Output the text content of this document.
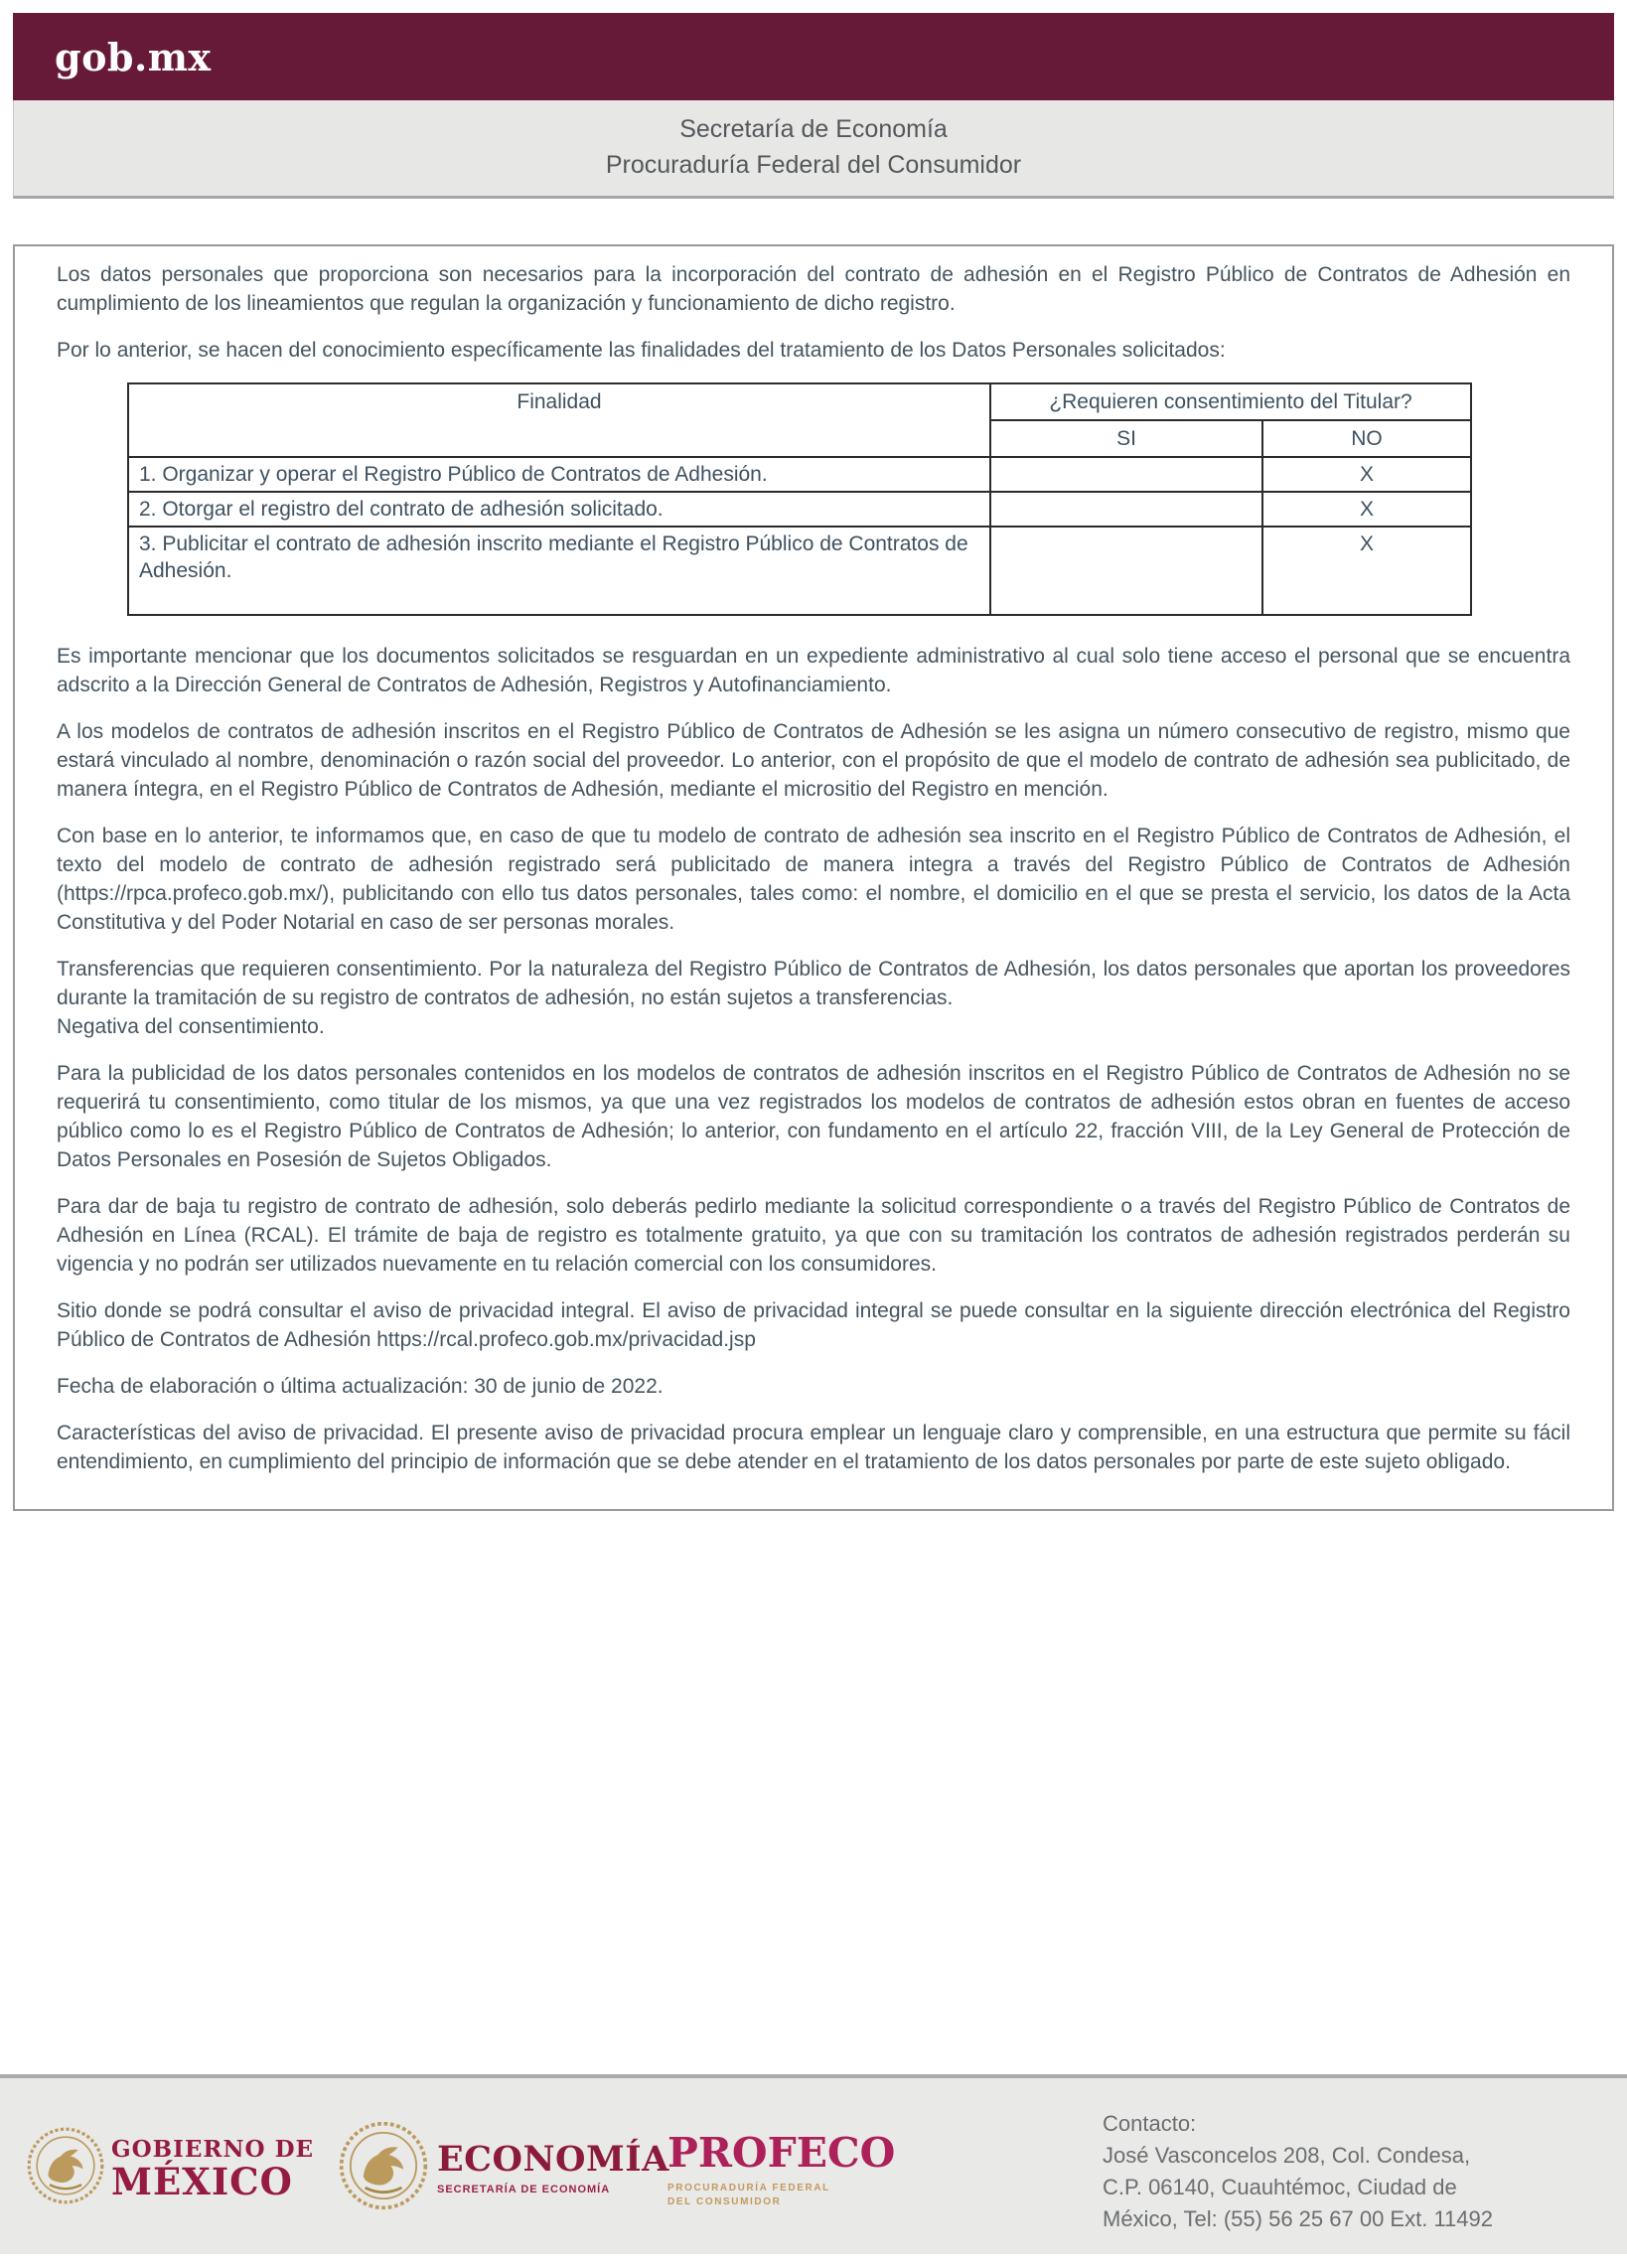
gob.mx
Secretaría de Economía
Procuraduría Federal del Consumidor

Los datos personales que proporciona son necesarios para la incorporación del contrato de adhesión en el Registro Público de Contratos de Adhesión en cumplimiento de los lineamientos que regulan la organización y funcionamiento de dicho registro.

Por lo anterior, se hacen del conocimiento específicamente las finalidades del tratamiento de los Datos Personales solicitados:

Finalidad	¿Requieren consentimiento del Titular?	
	SI	NO
1. Organizar y operar el Registro Público de Contratos de Adhesión.		X
2. Otorgar el registro del contrato de adhesión solicitado.		X
3. Publicitar el contrato de adhesión inscrito mediante el Registro Público de Contratos de Adhesión.		X

Es importante mencionar que los documentos solicitados se resguardan en un expediente administrativo al cual solo tiene acceso el personal que se encuentra adscrito a la Dirección General de Contratos de Adhesión, Registros y Autofinanciamiento.

A los modelos de contratos de adhesión inscritos en el Registro Público de Contratos de Adhesión se les asigna un número consecutivo de registro, mismo que estará vinculado al nombre, denominación o razón social del proveedor. Lo anterior, con el propósito de que el modelo de contrato de adhesión sea publicitado, de manera íntegra, en el Registro Público de Contratos de Adhesión, mediante el micrositio del Registro en mención.

Con base en lo anterior, te informamos que, en caso de que tu modelo de contrato de adhesión sea inscrito en el Registro Público de Contratos de Adhesión, el texto del modelo de contrato de adhesión registrado será publicitado de manera integra a través del Registro Público de Contratos de Adhesión (https://rpca.profeco.gob.mx/), publicitando con ello tus datos personales, tales como: el nombre, el domicilio en el que se presta el servicio, los datos de la Acta Constitutiva y del Poder Notarial en caso de ser personas morales.

Transferencias que requieren consentimiento. Por la naturaleza del Registro Público de Contratos de Adhesión, los datos personales que aportan los proveedores durante la tramitación de su registro de contratos de adhesión, no están sujetos a transferencias.

Negativa del consentimiento.

Para la publicidad de los datos personales contenidos en los modelos de contratos de adhesión inscritos en el Registro Público de Contratos de Adhesión no se requerirá tu consentimiento, como titular de los mismos, ya que una vez registrados los modelos de contratos de adhesión estos obran en fuentes de acceso público como lo es el Registro Público de Contratos de Adhesión; lo anterior, con fundamento en el artículo 22, fracción VIII, de la Ley General de Protección de Datos Personales en Posesión de Sujetos Obligados.

Para dar de baja tu registro de contrato de adhesión, solo deberás pedirlo mediante la solicitud correspondiente o a través del Registro Público de Contratos de Adhesión en Línea (RCAL). El trámite de baja de registro es totalmente gratuito, ya que con su tramitación los contratos de adhesión registrados perderán su vigencia y no podrán ser utilizados nuevamente en tu relación comercial con los consumidores.

Sitio donde se podrá consultar el aviso de privacidad integral. El aviso de privacidad integral se puede consultar en la siguiente dirección electrónica del Registro Público de Contratos de Adhesión https://rcal.profeco.gob.mx/privacidad.jsp

Fecha de elaboración o última actualización: 30 de junio de 2022.

Características del aviso de privacidad. El presente aviso de privacidad procura emplear un lenguaje claro y comprensible, en una estructura que permite su fácil entendimiento, en cumplimiento del principio de información que se debe atender en el tratamiento de los datos personales por parte de este sujeto obligado.

GOBIERNO DE
MÉXICO
ECONOMÍA
SECRETARÍA DE ECONOMÍA
PROFECO
PROCURADURÍA FEDERAL
DEL CONSUMIDOR
Contacto:
José Vasconcelos 208, Col. Condesa,
C.P. 06140, Cuauhtémoc, Ciudad de
México, Tel: (55) 56 25 67 00 Ext. 11492
